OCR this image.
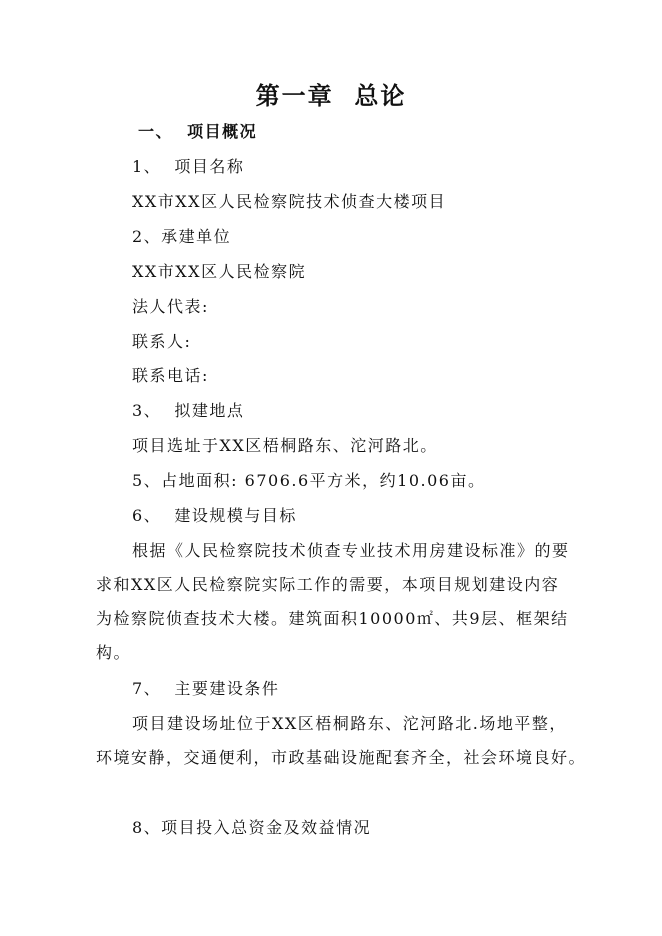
第一章  总论
一、  项目概况
1、  项目名称
XX市XX区人民检察院技术侦查大楼项目
2、承建单位
XX市XX区人民检察院
法人代表:
联系人:
联系电话:
3、  拟建地点
项目选址于XX区梧桐路东、沱河路北。
5、占地面积: 6706.6平方米，约10.06亩。
6、  建设规模与目标
根据《人民检察院技术侦查专业技术用房建设标准》的要
求和XX区人民检察院实际工作的需要，本项目规划建设内容
为检察院侦查技术大楼。建筑面积10000㎡、共9层、框架结
构。
7、  主要建设条件
项目建设场址位于XX区梧桐路东、沱河路北.场地平整，
环境安静，交通便利，市政基础设施配套齐全，社会环境良好。
8、项目投入总资金及效益情况
